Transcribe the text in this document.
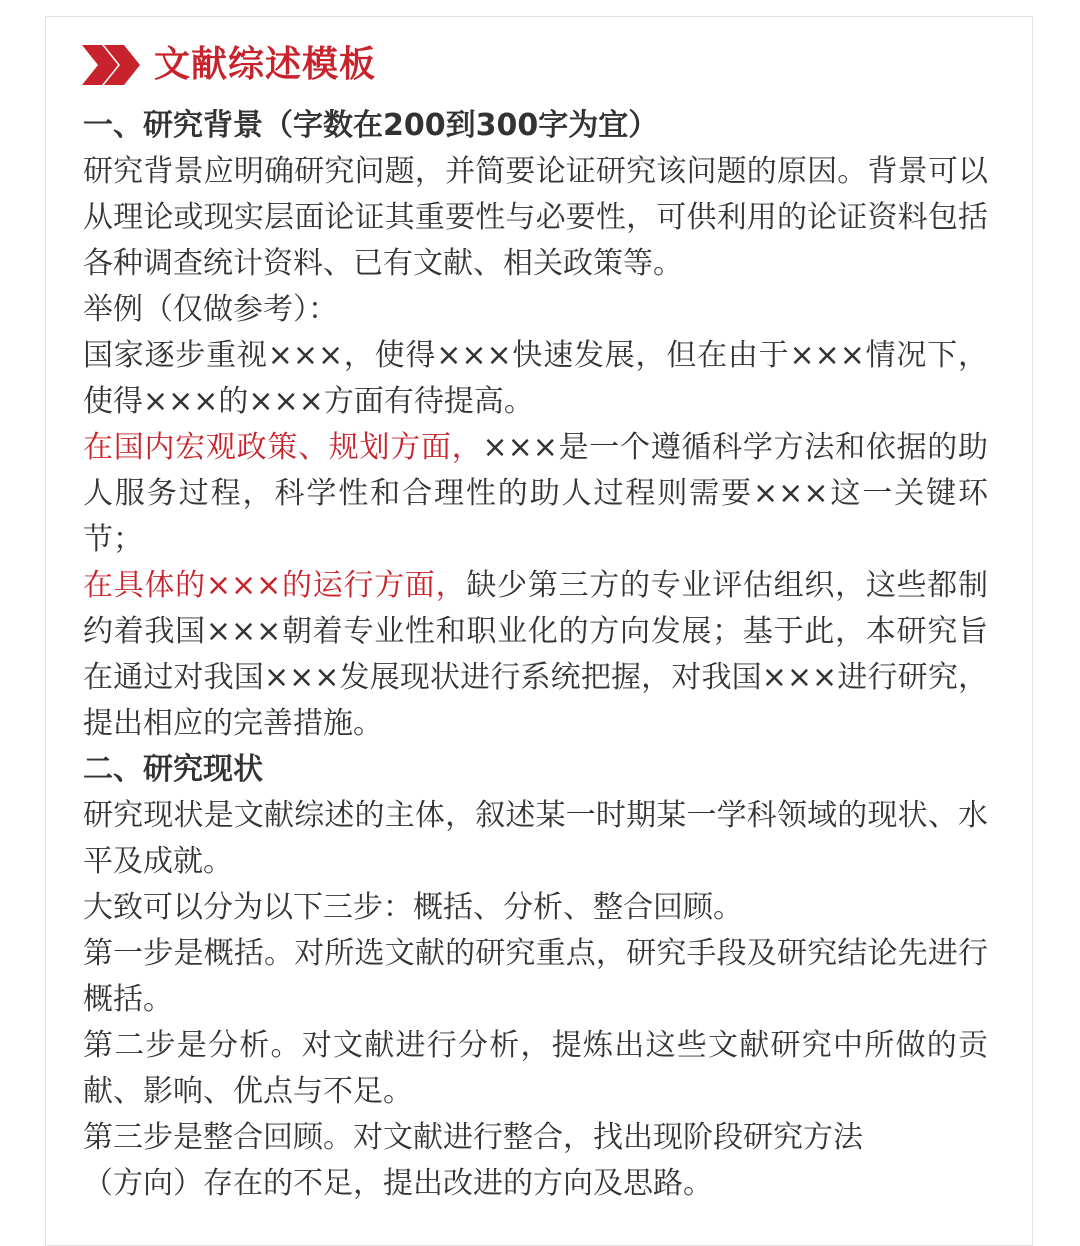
文献综述模板

一、研究背景（字数在200到300字为宜）

研究背景应明确研究问题，并简要论证研究该问题的原因。背景可以从理论或现实层面论证其重要性与必要性，可供利用的论证资料包括各种调查统计资料、已有文献、相关政策等。

举例（仅做参考）：

国家逐步重视×××，使得×××快速发展，但在由于×××情况下，使得×××的×××方面有待提高。

在国内宏观政策、规划方面，×××是一个遵循科学方法和依据的助人服务过程，科学性和合理性的助人过程则需要×××这一关键环节；

在具体的×××的运行方面，缺少第三方的专业评估组织，这些都制约着我国×××朝着专业性和职业化的方向发展；基于此，本研究旨在通过对我国×××发展现状进行系统把握，对我国×××进行研究，提出相应的完善措施。

二、研究现状

研究现状是文献综述的主体，叙述某一时期某一学科领域的现状、水平及成就。

大致可以分为以下三步：概括、分析、整合回顾。

第一步是概括。对所选文献的研究重点，研究手段及研究结论先进行概括。

第二步是分析。对文献进行分析，提炼出这些文献研究中所做的贡献、影响、优点与不足。

第三步是整合回顾。对文献进行整合，找出现阶段研究方法

（方向）存在的不足，提出改进的方向及思路。
